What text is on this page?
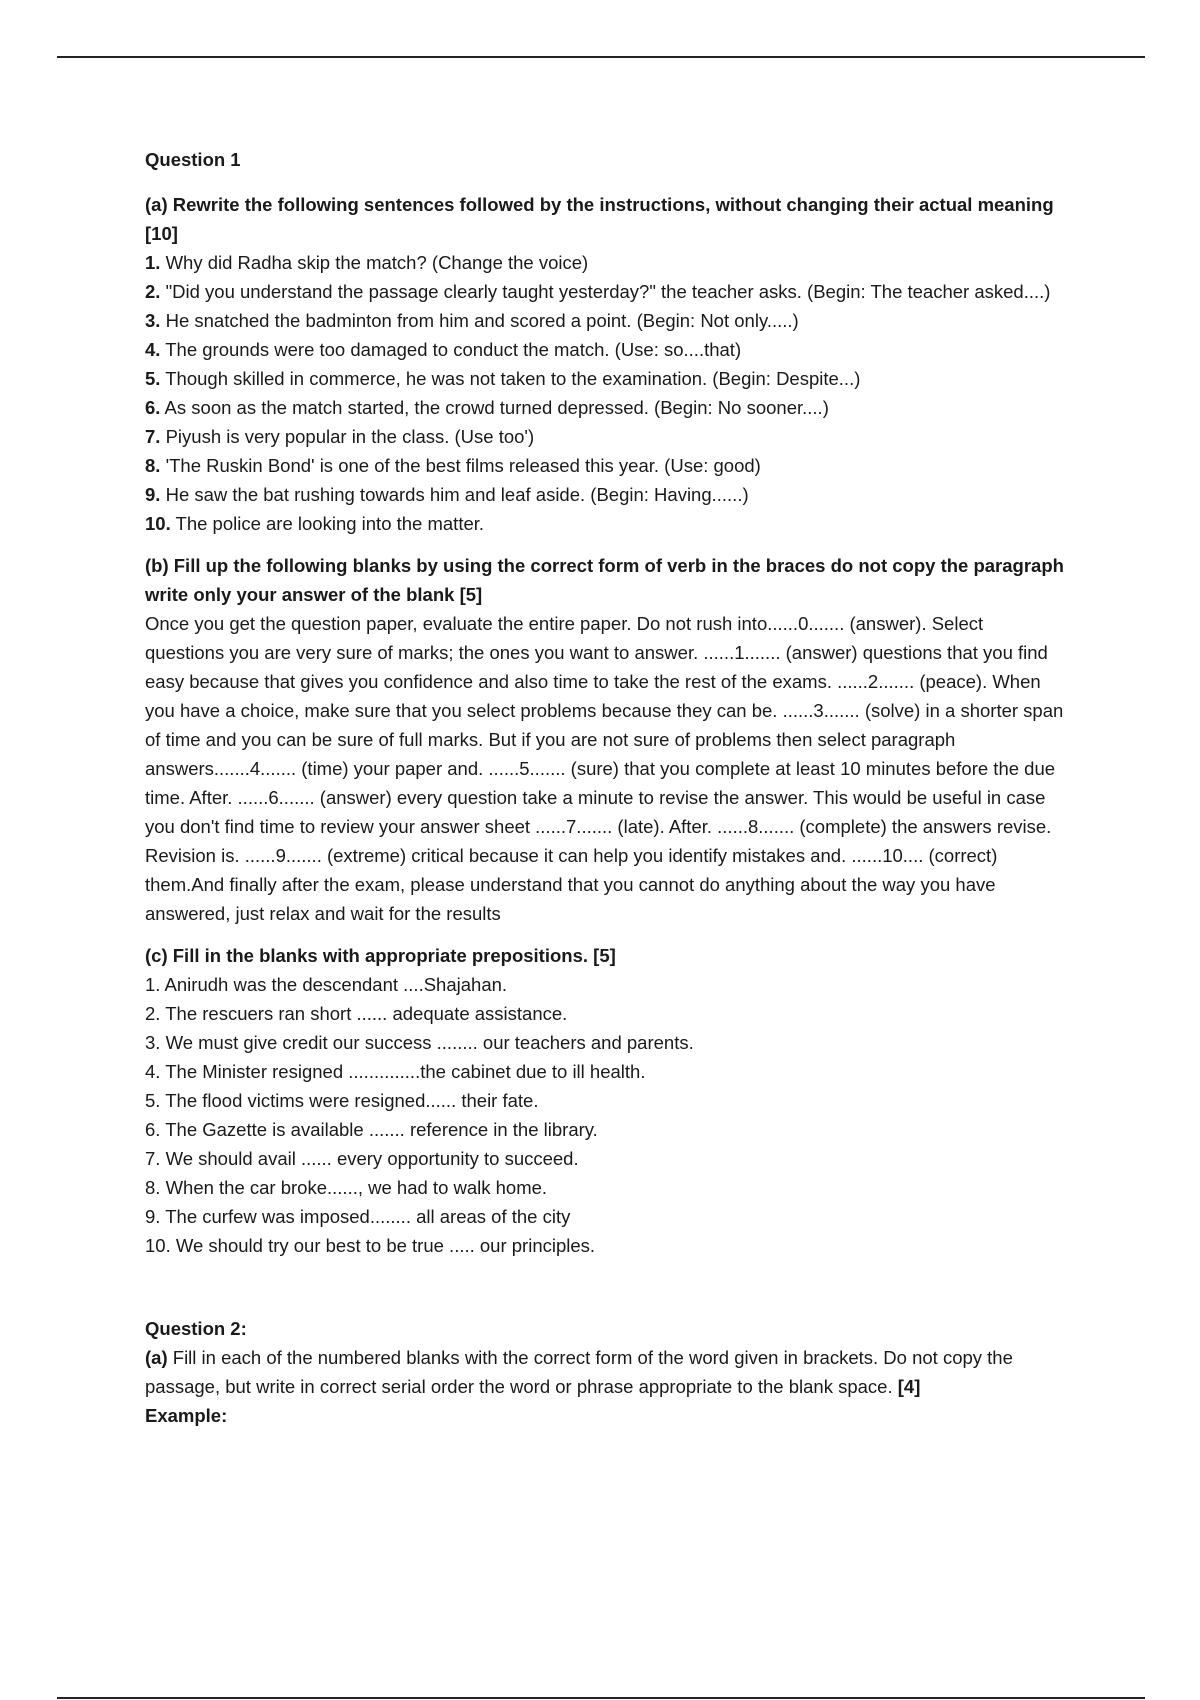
Question 1

(a) Rewrite the following sentences followed by the instructions, without changing their actual meaning [10]

1. Why did Radha skip the match? (Change the voice)

2. "Did you understand the passage clearly taught yesterday?" the teacher asks. (Begin: The teacher asked....)

3. He snatched the badminton from him and scored a point. (Begin: Not only.....)

4. The grounds were too damaged to conduct the match. (Use: so....that)

5. Though skilled in commerce, he was not taken to the examination. (Begin: Despite...)

6. As soon as the match started, the crowd turned depressed. (Begin: No sooner....)

7. Piyush is very popular in the class. (Use too')

8. 'The Ruskin Bond' is one of the best films released this year. (Use: good)

9. He saw the bat rushing towards him and leaf aside. (Begin: Having......)

10. The police are looking into the matter.

(b) Fill up the following blanks by using the correct form of verb in the braces do not copy the paragraph write only your answer of the blank [5]

Once you get the question paper, evaluate the entire paper. Do not rush into......0....... (answer). Select questions you are very sure of marks; the ones you want to answer. ......1....... (answer) questions that you find easy because that gives you confidence and also time to take the rest of the exams. ......2....... (peace). When you have a choice, make sure that you select problems because they can be. ......3....... (solve) in a shorter span of time and you can be sure of full marks. But if you are not sure of problems then select paragraph answers.......4....... (time) your paper and. ......5....... (sure) that you complete at least 10 minutes before the due time. After. ......6....... (answer) every question take a minute to revise the answer. This would be useful in case you don't find time to review your answer sheet ......7....... (late). After. ......8....... (complete) the answers revise. Revision is. ......9....... (extreme) critical because it can help you identify mistakes and. ......10.... (correct) them.And finally after the exam, please understand that you cannot do anything about the way you have answered, just relax and wait for the results

(c) Fill in the blanks with appropriate prepositions. [5]

1. Anirudh was the descendant ....Shajahan.

2. The rescuers ran short ...... adequate assistance.

3. We must give credit our success ........ our teachers and parents.

4. The Minister resigned ..............the cabinet due to ill health.

5. The flood victims were resigned...... their fate.

6. The Gazette is available ....... reference in the library.

7. We should avail ...... every opportunity to succeed.

8. When the car broke......, we had to walk home.

9. The curfew was imposed........ all areas of the city

10. We should try our best to be true ..... our principles.

Question 2:

(a) Fill in each of the numbered blanks with the correct form of the word given in brackets. Do not copy the passage, but write in correct serial order the word or phrase appropriate to the blank space. [4]

Example:
